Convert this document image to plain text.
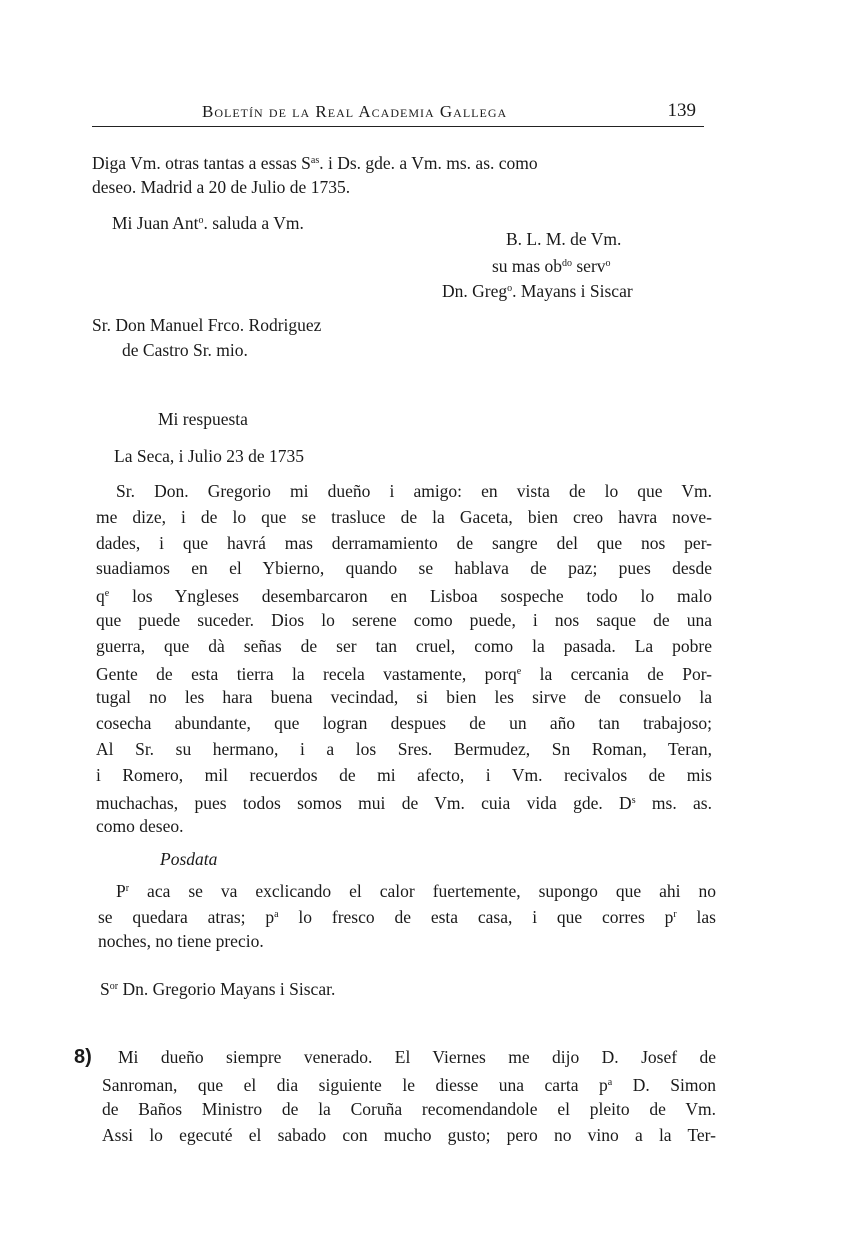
Boletín de la Real Academia Gallega	139
Diga Vm. otras tantas a essas $S^{as}$. i Ds. gde. a Vm. ms. as. como
deseo. Madrid a 20 de Julio de 1735.
Mi Juan Ant$^o$. saluda a Vm.
B. L. M. de Vm.
su mas $ob^{do}$ serv$^o$
Dn. Greg$^o$. Mayans i Siscar
Sr. Don Manuel Frco. Rodriguez
de Castro Sr. mio.
Mi respuesta
La Seca, i Julio 23 de 1735
Sr. Don. Gregorio mi dueño i amigo: en vista de lo que Vm.
me dize, i de lo que se trasluce de la Gaceta, bien creo havra nove-
dades, i que havrá mas derramamiento de sangre del que nos per-
suadiamos en el Ybierno, quando se hablava de paz; pues desde
$q^e$ los Yngleses desembarcaron en Lisboa sospeche todo lo malo
que puede suceder. Dios lo serene como puede, i nos saque de una
guerra, que dà señas de ser tan cruel, como la pasada. La pobre
Gente de esta tierra la recela vastamente, porq$^e$ la cercania de Por-
tugal no les hara buena vecindad, si bien les sirve de consuelo la
cosecha abundante, que logran despues de un año tan trabajoso;
Al Sr. su hermano, i a los Sres. Bermudez, Sn Roman, Teran,
i Romero, mil recuerdos de mi afecto, i Vm. recivalos de mis
muchachas, pues todos somos mui de Vm. cuia vida gde. $D^s$ ms. as.
como deseo.
Posdata
$P^r$ aca se va exclicando el calor fuertemente, supongo que ahi no
se quedara atras; $p^a$ lo fresco de esta casa, i que corres $p^r$ las
noches, no tiene precio.
$S^{or}$ Dn. Gregorio Mayans i Siscar.
8) Mi dueño siempre venerado. El Viernes me dijo D. Josef de
Sanroman, que el dia siguiente le diesse una carta $p^a$ D. Simon
de Baños Ministro de la Coruña recomendandole el pleito de Vm.
Assi lo egecuté el sabado con mucho gusto; pero no vino a la Ter-
